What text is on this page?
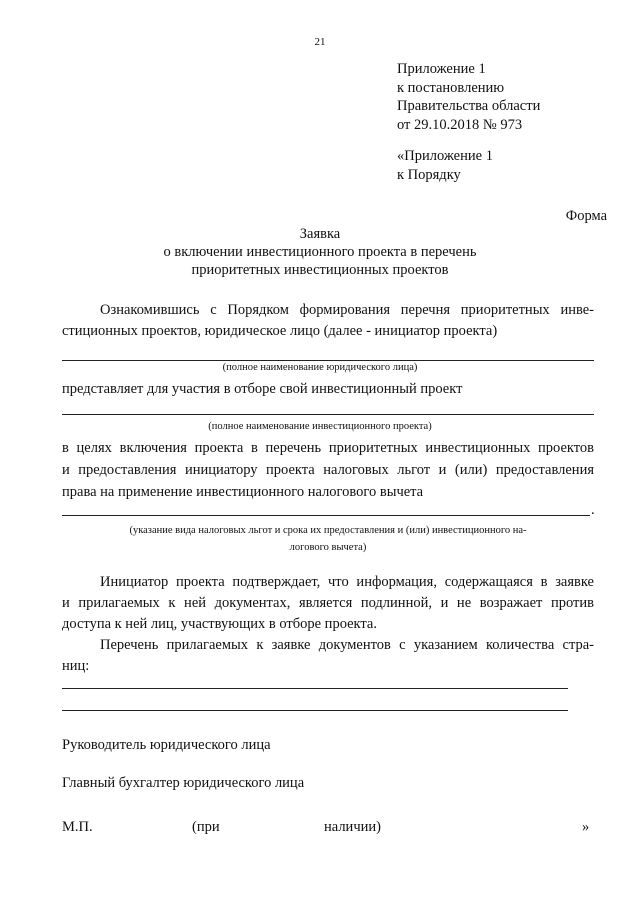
21
Приложение 1
к постановлению
Правительства области
от 29.10.2018 № 973
«Приложение 1
к Порядку
Форма
Заявка
о включении инвестиционного проекта в перечень
приоритетных инвестиционных проектов
Ознакомившись с Порядком формирования перечня приоритетных инве-
стиционных проектов, юридическое лицо (далее - инициатор проекта)
(полное наименование юридического лица)
представляет для участия в отборе свой инвестиционный проект
(полное наименование инвестиционного проекта)
в целях включения проекта в перечень приоритетных инвестиционных проектов
и предоставления инициатору проекта налоговых льгот и (или) предоставления
права на применение инвестиционного налогового вычета
.
(указание вида налоговых льгот и срока их предоставления и (или) инвестиционного на-
логового вычета)
Инициатор проекта подтверждает, что информация, содержащаяся в заявке
и прилагаемых к ней документах, является подлинной, и не возражает против
доступа к ней лиц, участвующих в отборе проекта.
Перечень прилагаемых к заявке документов с указанием количества стра-
ниц:
Руководитель юридического лица
Главный бухгалтер юридического лица
М.П.	(при	наличии)	»
